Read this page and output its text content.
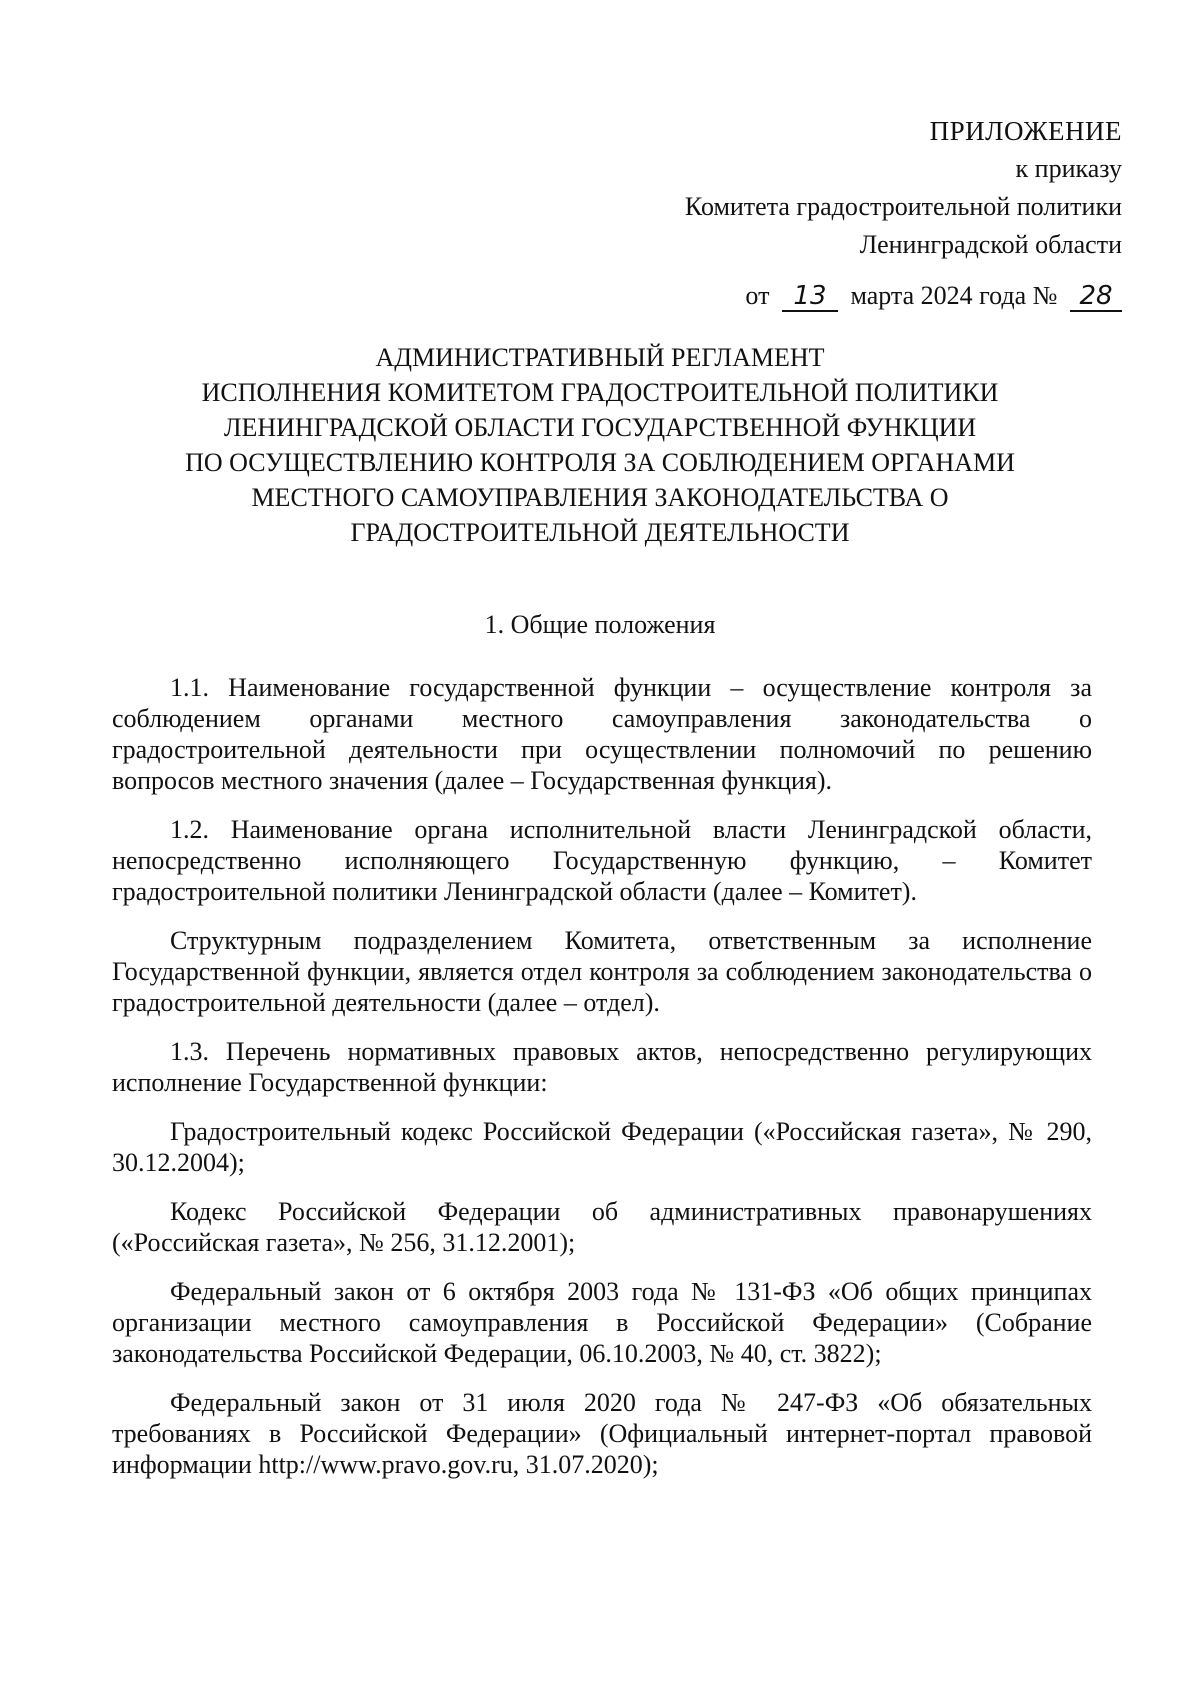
ПРИЛОЖЕНИЕ
к приказу
Комитета градостроительной политики
Ленинградской области
от 13 марта 2024 года № 28
АДМИНИСТРАТИВНЫЙ РЕГЛАМЕНТ
ИСПОЛНЕНИЯ КОМИТЕТОМ ГРАДОСТРОИТЕЛЬНОЙ ПОЛИТИКИ
ЛЕНИНГРАДСКОЙ ОБЛАСТИ ГОСУДАРСТВЕННОЙ ФУНКЦИИ
ПО ОСУЩЕСТВЛЕНИЮ КОНТРОЛЯ ЗА СОБЛЮДЕНИЕМ ОРГАНАМИ
МЕСТНОГО САМОУПРАВЛЕНИЯ ЗАКОНОДАТЕЛЬСТВА О
ГРАДОСТРОИТЕЛЬНОЙ ДЕЯТЕЛЬНОСТИ
1. Общие положения

1.1. Наименование государственной функции – осуществление контроля за соблюдением органами местного самоуправления законодательства о градостроительной деятельности при осуществлении полномочий по решению вопросов местного значения (далее – Государственная функция).

1.2. Наименование органа исполнительной власти Ленинградской области, непосредственно исполняющего Государственную функцию, – Комитет градостроительной политики Ленинградской области (далее – Комитет).

Структурным подразделением Комитета, ответственным за исполнение Государственной функции, является отдел контроля за соблюдением законодательства о градостроительной деятельности (далее – отдел).

1.3. Перечень нормативных правовых актов, непосредственно регулирующих исполнение Государственной функции:

Градостроительный кодекс Российской Федерации («Российская газета», № 290, 30.12.2004);

Кодекс Российской Федерации об административных правонарушениях («Российская газета», № 256, 31.12.2001);

Федеральный закон от 6 октября 2003 года № 131-ФЗ «Об общих принципах организации местного самоуправления в Российской Федерации» (Собрание законодательства Российской Федерации, 06.10.2003, № 40, ст. 3822);

Федеральный закон от 31 июля 2020 года № 247-ФЗ «Об обязательных требованиях в Российской Федерации» (Официальный интернет-портал правовой информации http://www.pravo.gov.ru, 31.07.2020);
